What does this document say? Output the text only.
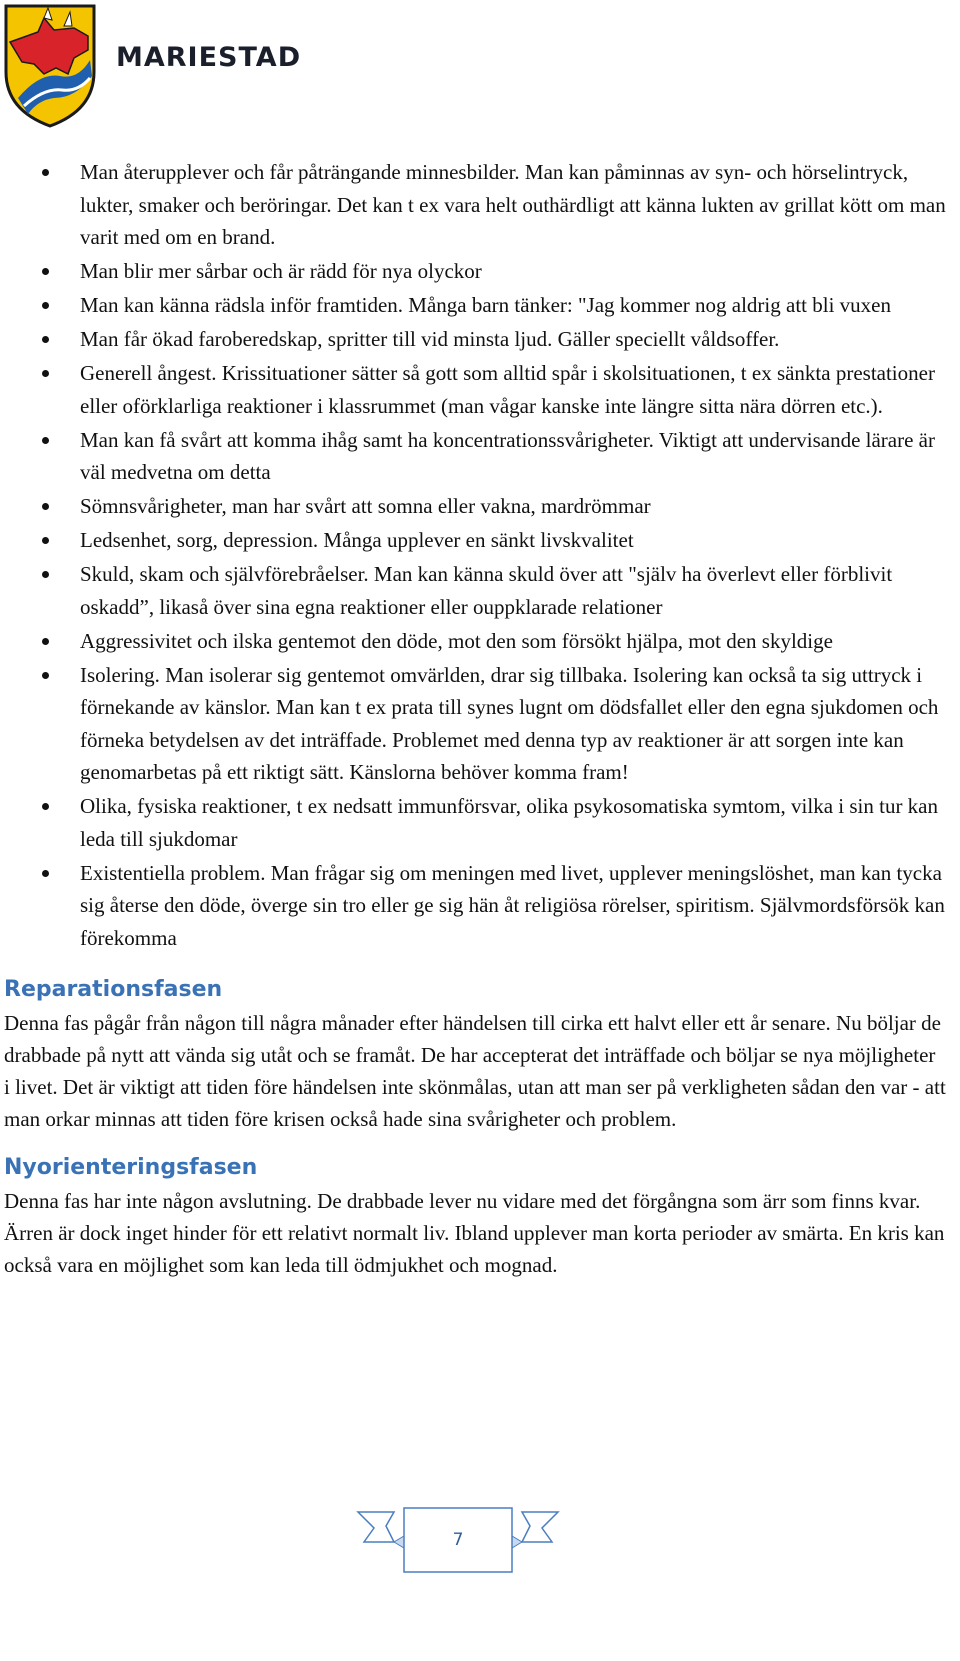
MARIESTAD
Man återupplever och får påträngande minnesbilder. Man kan påminnas av syn- och hörselintryck, lukter, smaker och beröringar. Det kan t ex vara helt outhärdligt att känna lukten av grillat kött om man varit med om en brand.
Man blir mer sårbar och är rädd för nya olyckor
Man kan känna rädsla inför framtiden. Många barn tänker: "Jag kommer nog aldrig att bli vuxen
Man får ökad faroberedskap, spritter till vid minsta ljud. Gäller speciellt våldsoffer.
Generell ångest. Krissituationer sätter så gott som alltid spår i skolsituationen, t ex sänkta prestationer eller oförklarliga reaktioner i klassrummet (man vågar kanske inte längre sitta nära dörren etc.).
Man kan få svårt att komma ihåg samt ha koncentrationssvårigheter. Viktigt att undervisande lärare är väl medvetna om detta
Sömnsvårigheter, man har svårt att somna eller vakna, mardrömmar
Ledsenhet, sorg, depression. Många upplever en sänkt livskvalitet
Skuld, skam och självförebråelser. Man kan känna skuld över att "själv ha överlevt eller förblivit oskadd”, likaså över sina egna reaktioner eller ouppklarade relationer
Aggressivitet och ilska gentemot den döde, mot den som försökt hjälpa, mot den skyldige
Isolering. Man isolerar sig gentemot omvärlden, drar sig tillbaka. Isolering kan också ta sig uttryck i förnekande av känslor. Man kan t ex prata till synes lugnt om dödsfallet eller den egna sjukdomen och förneka betydelsen av det inträffade. Problemet med denna typ av reaktioner är att sorgen inte kan genomarbetas på ett riktigt sätt. Känslorna behöver komma fram!
Olika, fysiska reaktioner, t ex nedsatt immunförsvar, olika psykosomatiska symtom, vilka i sin tur kan leda till sjukdomar
Existentiella problem. Man frågar sig om meningen med livet, upplever meningslöshet, man kan tycka sig återse den döde, överge sin tro eller ge sig hän åt religiösa rörelser, spiritism. Självmordsförsök kan förekomma
Reparationsfasen

Denna fas pågår från någon till några månader efter händelsen till cirka ett halvt eller ett år senare. Nu böljar de drabbade på nytt att vända sig utåt och se framåt. De har accepterat det inträffade och böljar se nya möjligheter i livet. Det är viktigt att tiden före händelsen inte skönmålas, utan att man ser på verkligheten sådan den var - att man orkar minnas att tiden före krisen också hade sina svårigheter och problem.

Nyorienteringsfasen

Denna fas har inte någon avslutning. De drabbade lever nu vidare med det förgångna som ärr som finns kvar. Ärren är dock inget hinder för ett relativt normalt liv. Ibland upplever man korta perioder av smärta. En kris kan också vara en möjlighet som kan leda till ödmjukhet och mognad.

7
